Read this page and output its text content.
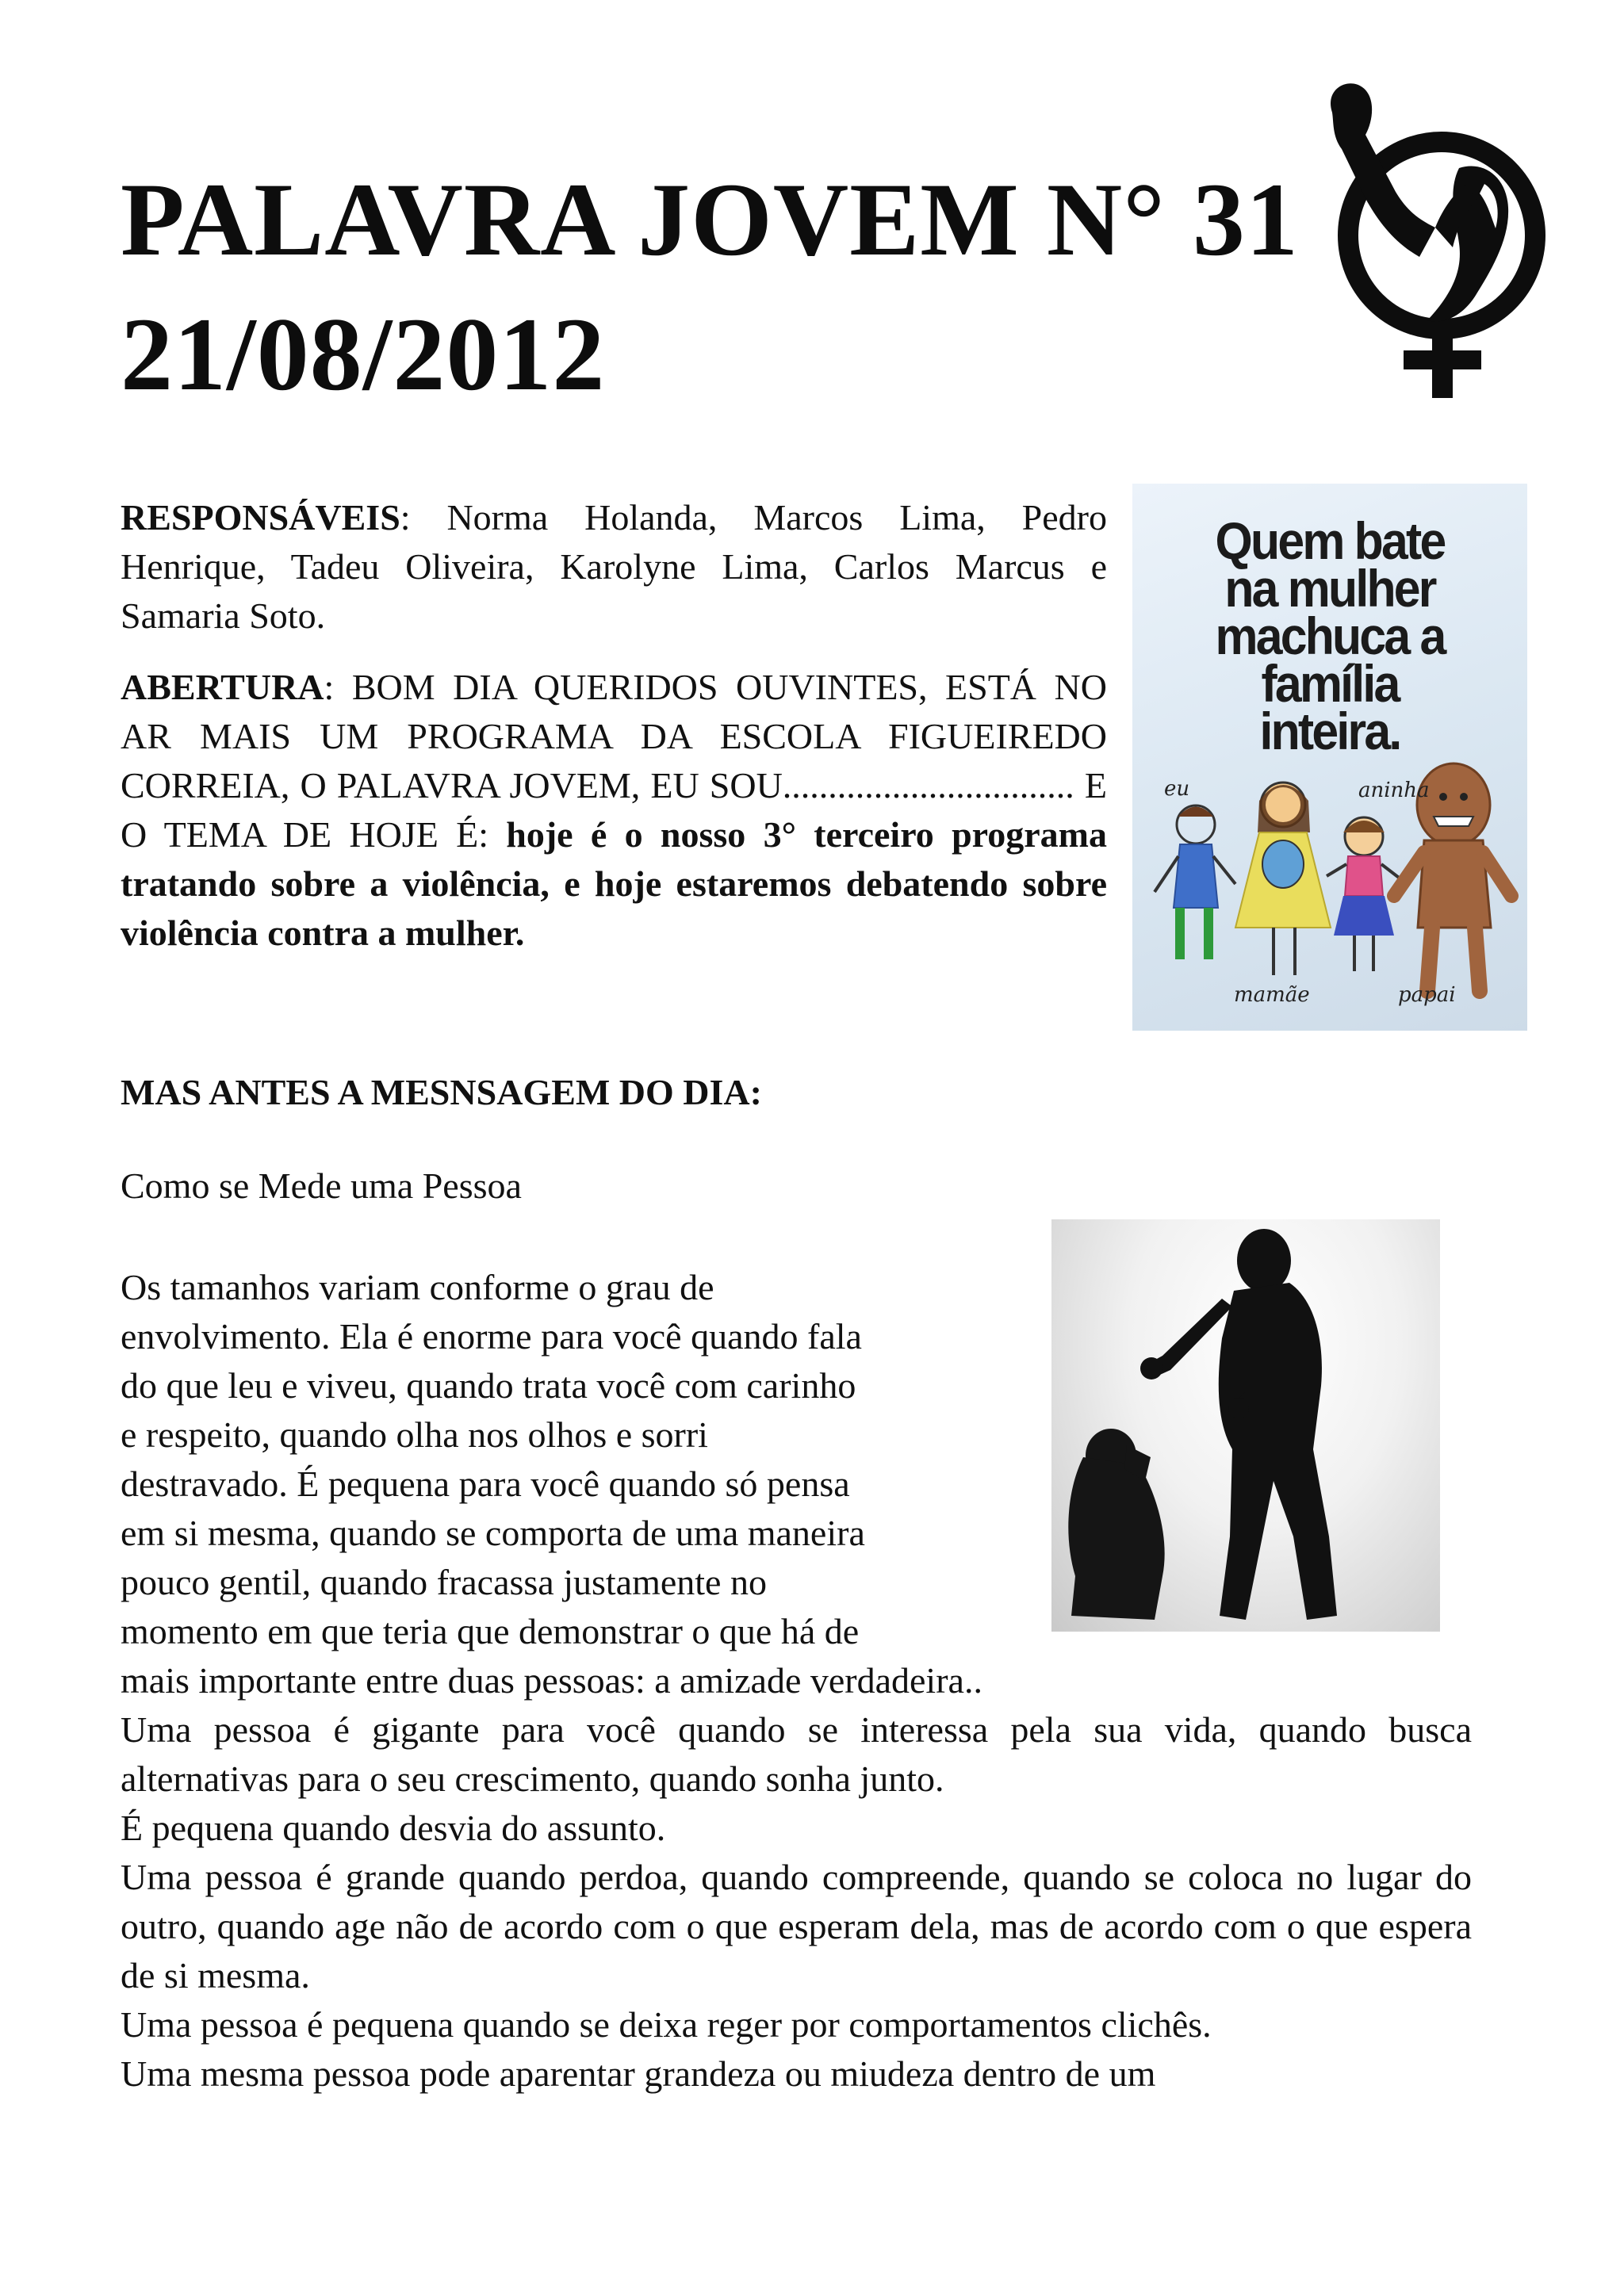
PALAVRA JOVEM N° 31
21/08/2012

Quem bate
na mulher
machuca a família
inteira.

eu	aninha

mamãe	papai

RESPONSÁVEIS: Norma Holanda, Marcos Lima, Pedro Henrique, Tadeu Oliveira, Karolyne Lima, Carlos Marcus e Samaria Soto.

ABERTURA: BOM DIA QUERIDOS OUVINTES, ESTÁ NO AR MAIS UM PROGRAMA DA ESCOLA FIGUEIREDO CORREIA, O PALAVRA JOVEM, EU SOU................................ E O TEMA DE HOJE É: hoje é o nosso 3° terceiro programa tratando sobre a violência, e hoje estaremos debatendo sobre violência contra a mulher.

MAS ANTES A MESNSAGEM DO DIA:

Como se Mede uma Pessoa

Os tamanhos variam conforme o grau de
envolvimento. Ela é enorme para você quando fala
do que leu e viveu, quando trata você com carinho
e respeito, quando olha nos olhos e sorri
destravado. É pequena para você quando só pensa
em si mesma, quando se comporta de uma maneira
pouco gentil, quando fracassa justamente no
momento em que teria que demonstrar o que há de
mais importante entre duas pessoas: a amizade verdadeira..
Uma pessoa é gigante para você quando se interessa pela sua vida, quando busca alternativas para o seu crescimento, quando sonha junto.
É pequena quando desvia do assunto.
Uma pessoa é grande quando perdoa, quando compreende, quando se coloca no lugar do outro, quando age não de acordo com o que esperam dela, mas de acordo com o que espera de si mesma.
Uma pessoa é pequena quando se deixa reger por comportamentos clichês.
Uma mesma pessoa pode aparentar grandeza ou miudeza dentro de um
